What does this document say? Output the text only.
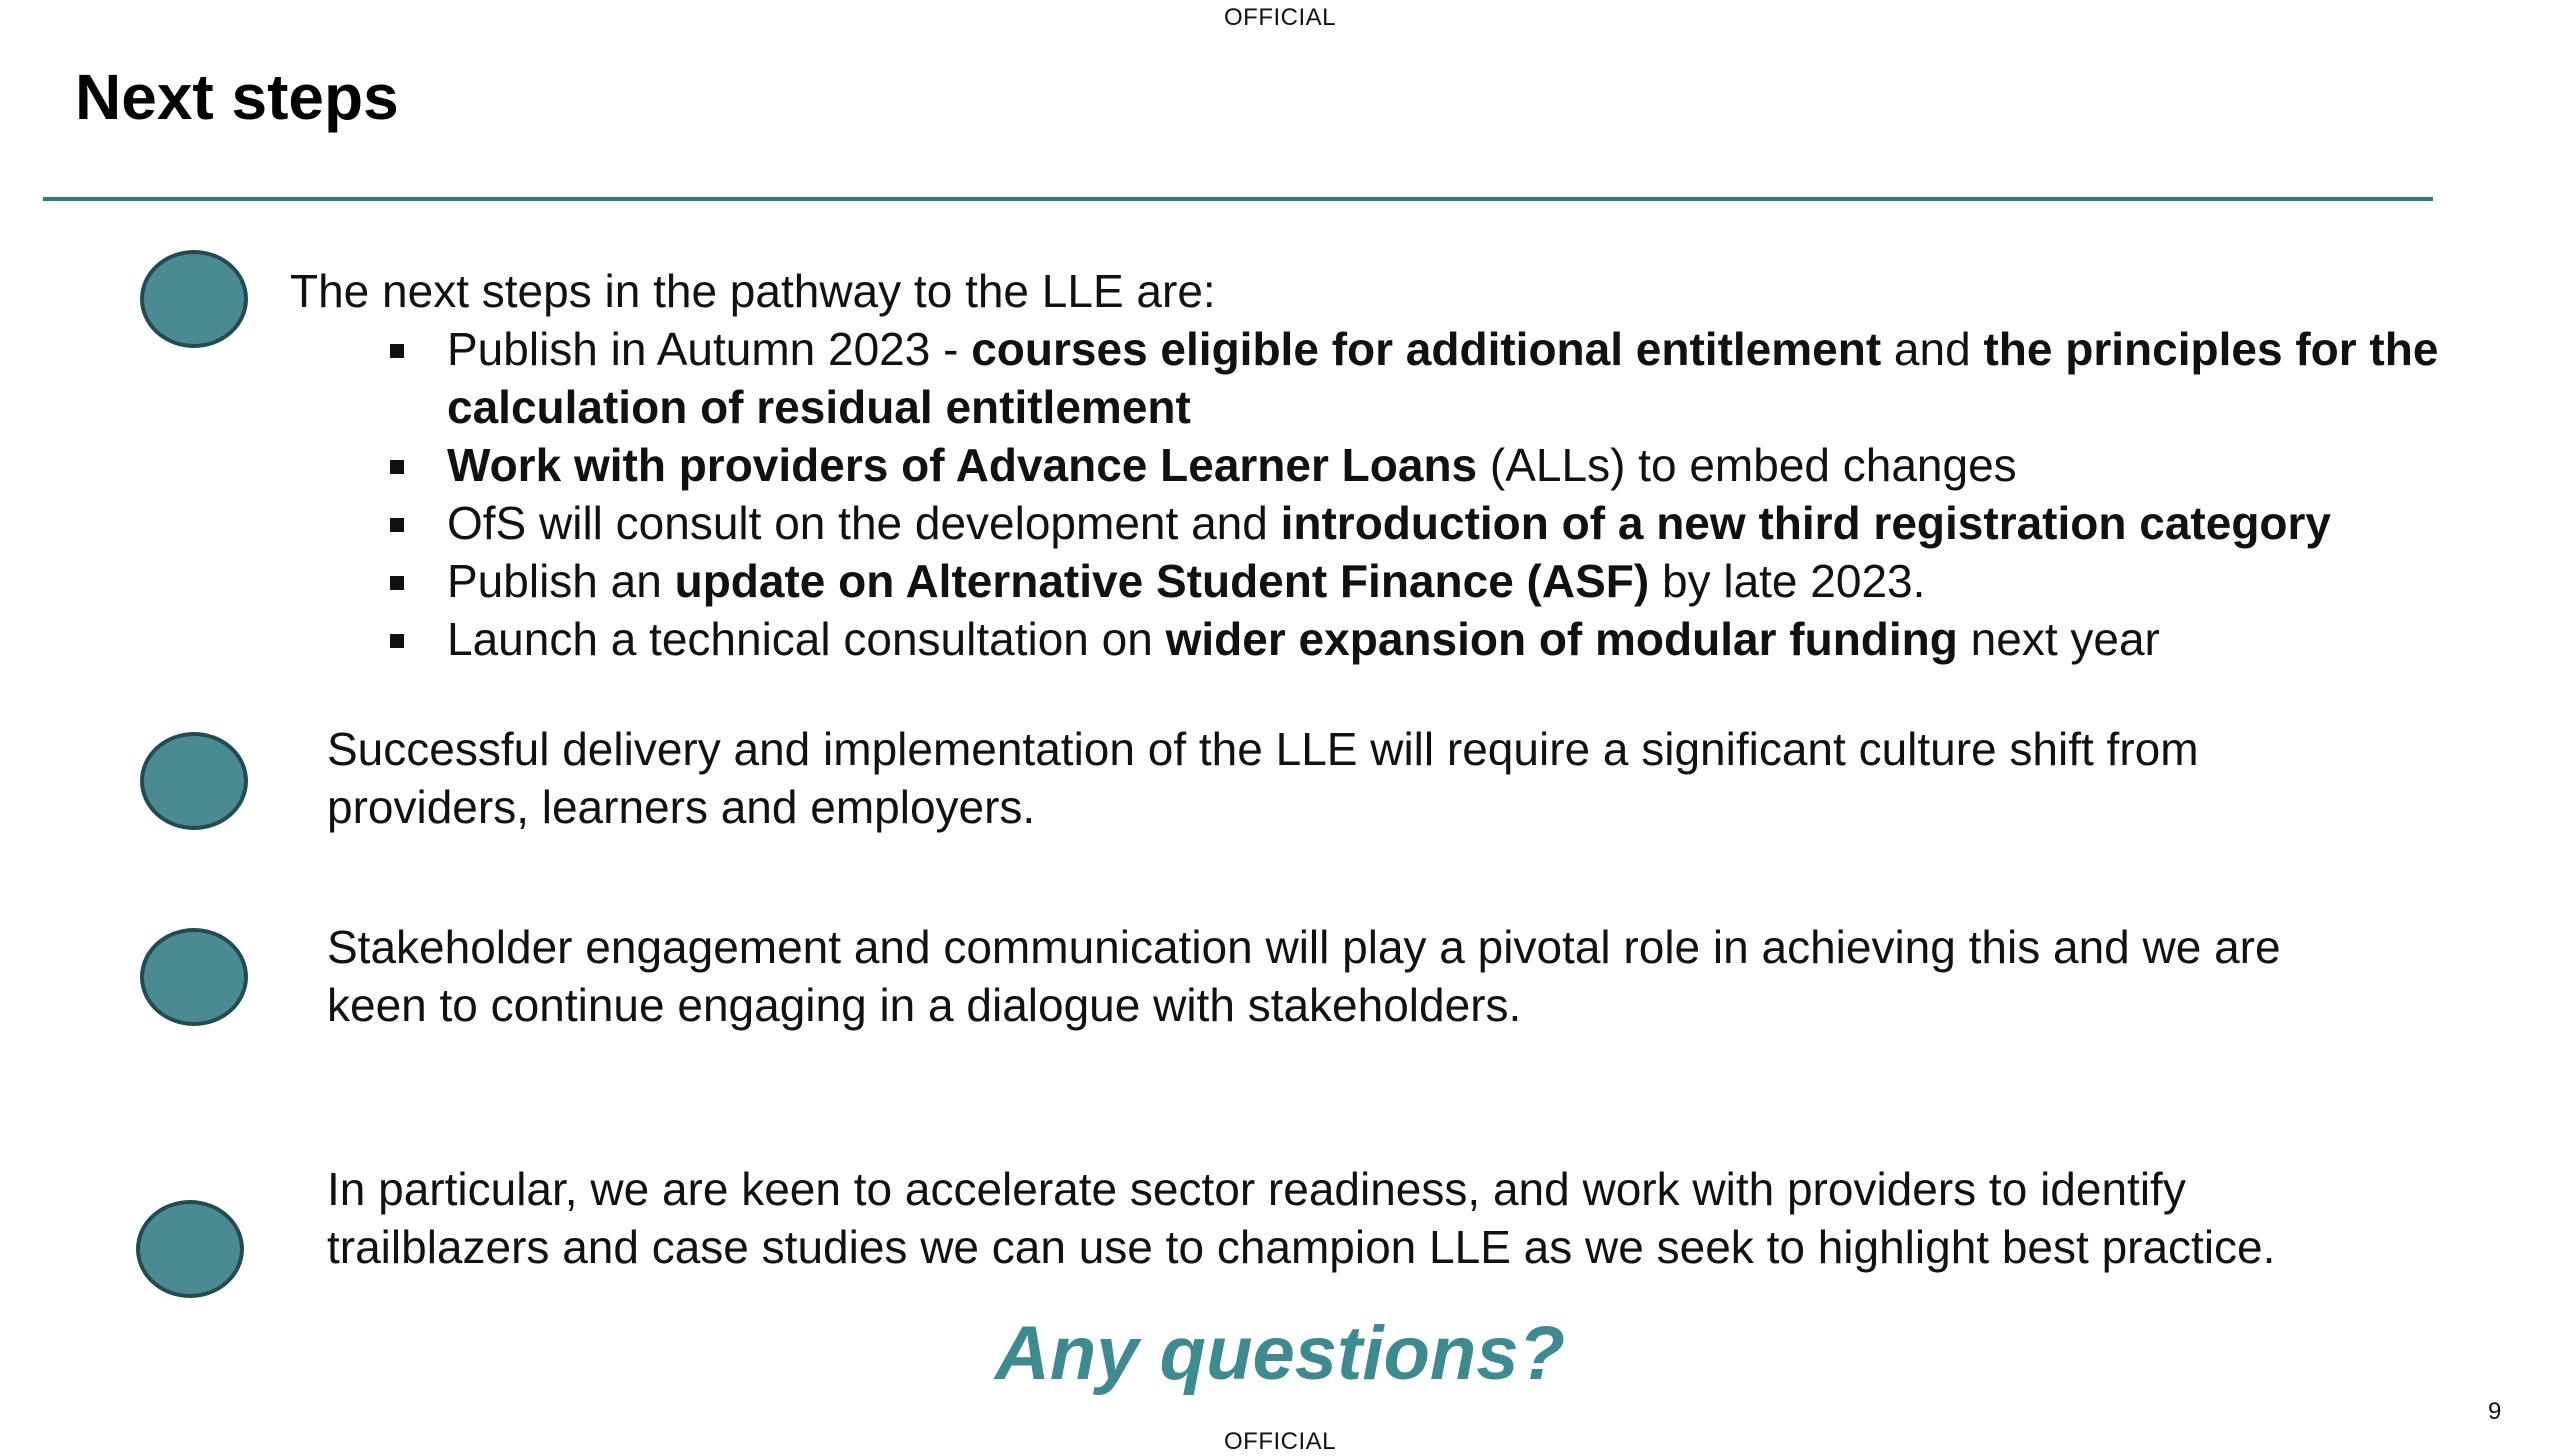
OFFICIAL
Next steps
The next steps in the pathway to the LLE are:
Publish in Autumn 2023 - courses eligible for additional entitlement and the principles for the calculation of residual entitlement
Work with providers of Advance Learner Loans (ALLs) to embed changes
OfS will consult on the development and introduction of a new third registration category
Publish an update on Alternative Student Finance (ASF) by late 2023.
Launch a technical consultation on wider expansion of modular funding next year
Successful delivery and implementation of the LLE will require a significant culture shift from providers, learners and employers.
Stakeholder engagement and communication will play a pivotal role in achieving this and we are keen to continue engaging in a dialogue with stakeholders.
In particular, we are keen to accelerate sector readiness, and work with providers to identify trailblazers and case studies we can use to champion LLE as we seek to highlight best practice.
Any questions?
9
OFFICIAL
